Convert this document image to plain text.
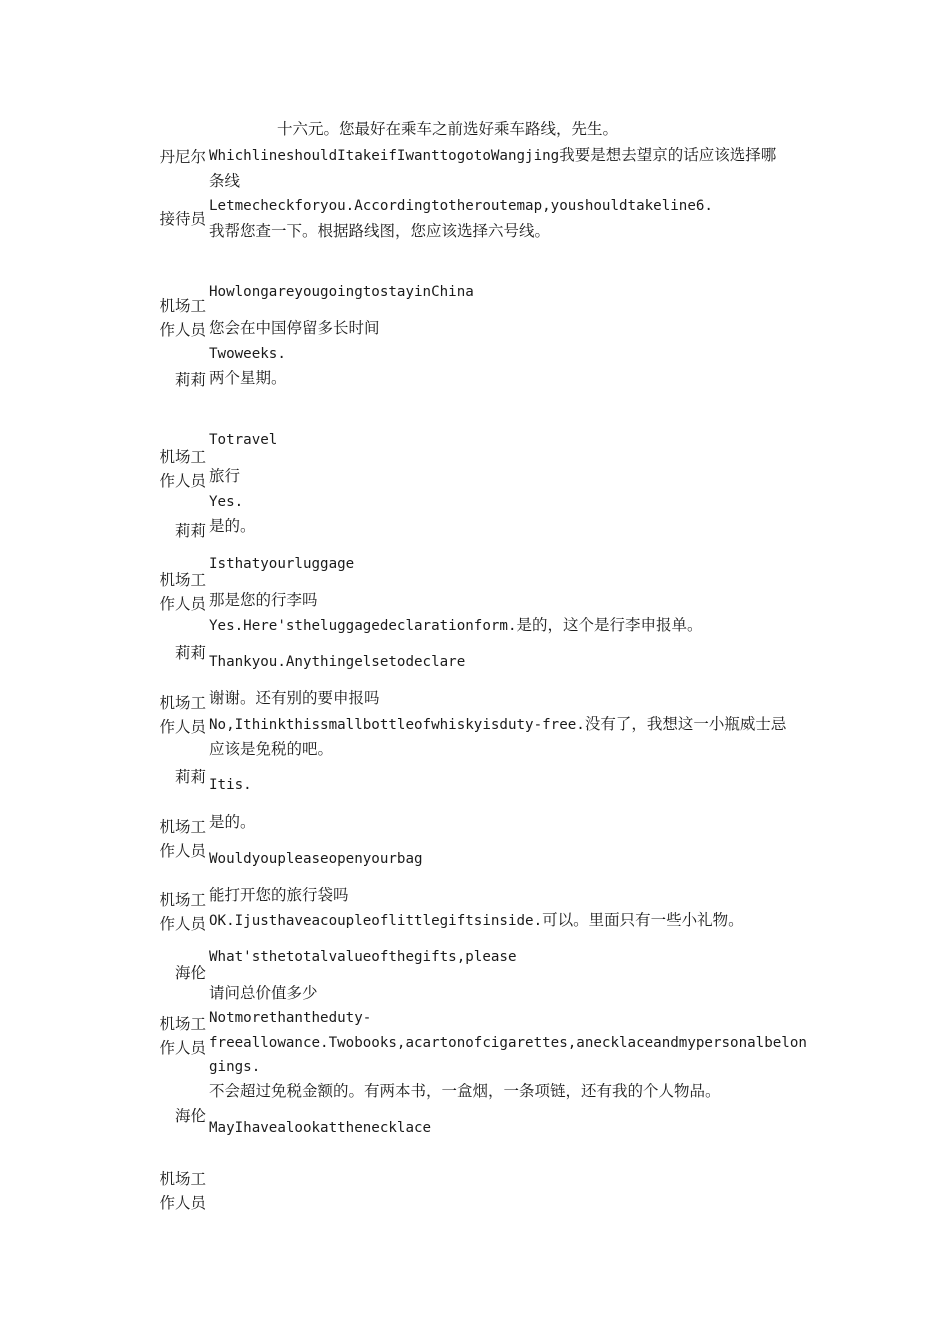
十六元。您最好在乘车之前选好乘车路线，先生。
丹尼尔 WhichlineshouldItakeifIwanttogotoWangjing我要是想去望京的话应该选择哪
条线
接待员
Letmecheckforyou.Accordingtotheroutemap,youshouldtakeline6.
我帮您查一下。根据路线图，您应该选择六号线。
机场工
作人员
HowlongareyougoingtostayinChina
您会在中国停留多长时间
Twoweeks.
莉莉 两个星期。
Totravel
机场工
作人员 旅行
Yes.
莉莉 是的。
Isthatyourluggage
机场工
作人员 那是您的行李吗
Yes.Here'stheluggagedeclarationform.是的，这个是行李申报单。
莉莉 Thankyou.Anythingelsetodeclare
机场工
作人员
谢谢。还有别的要申报吗
No,Ithinkthissmallbottleofwhiskyisduty-free.没有了，我想这一小瓶威士忌
应该是免税的吧。
莉莉 Itis.
机场工
作人员
是的。
Wouldyoupleaseopenyourbag
机场工
作人员
能打开您的旅行袋吗
OK.Ijusthaveacoupleoflittlegiftsinside.可以。里面只有一些小礼物。
What'sthetotalvalueofthegifts,please
海伦
请问总价值多少
机场工
作人员
Notmorethantheduty-
freeallowance.Twobooks,acartonofcigarettes,anecklaceandmypersonalbelon
gings.
不会超过免税金额的。有两本书，一盒烟，一条项链，还有我的个人物品。
海伦
MayIhavealookatthenecklace
机场工
作人员
